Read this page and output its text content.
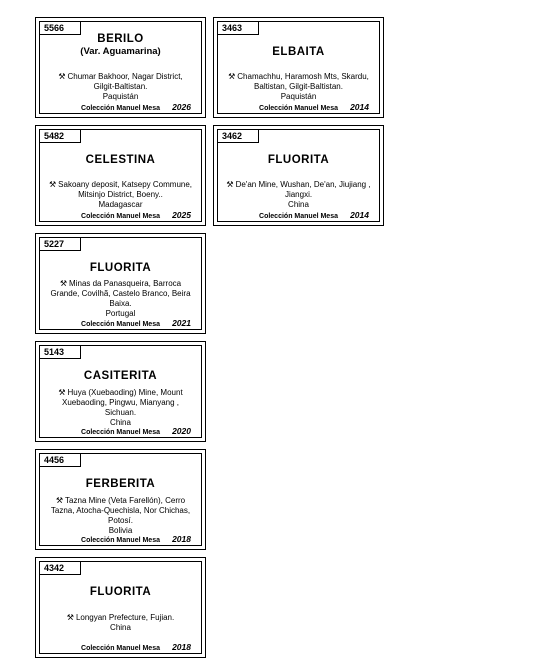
5566
BERILO
(Var. Aguamarina)
⚒ Chumar Bakhoor, Nagar District,
Gilgit-Baltistan.
Paquistán
2026
Colección Manuel Mesa
3463
ELBAITA
⚒ Chamachhu, Haramosh Mts, Skardu,
Baltistan, Gilgit-Baltistan.
Paquistán
2014
Colección Manuel Mesa
5482
CELESTINA
⚒ Sakoany deposit, Katsepy Commune,
Mitsinjo District, Boeny..
Madagascar
2025
Colección Manuel Mesa
3462
FLUORITA
⚒ De'an Mine, Wushan, De'an, Jiujiang ,
Jiangxi.
China
2014
Colección Manuel Mesa
5227
FLUORITA
⚒ Minas da Panasqueira, Barroca
Grande, Covilhã, Castelo Branco, Beira
Baixa.
Portugal
2021
Colección Manuel Mesa
5143
CASITERITA
⚒ Huya (Xuebaoding) Mine, Mount
Xuebaoding, Pingwu, Mianyang ,
Sichuan.
China
2020
Colección Manuel Mesa
4456
FERBERITA
⚒ Tazna Mine (Veta Farellón), Cerro
Tazna, Atocha-Quechisla, Nor Chichas,
Potosí.
Bolivia
2018
Colección Manuel Mesa
4342
FLUORITA
⚒ Longyan Prefecture, Fujian.
China
2018
Colección Manuel Mesa
